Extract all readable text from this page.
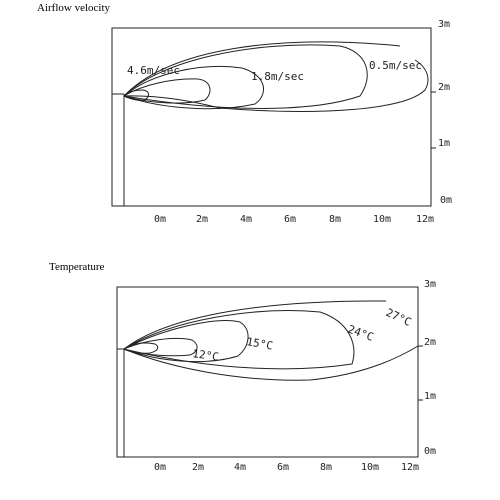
Airflow velocity
Temperature
4.6m/sec	1.8m/sec
0.5m/sec
3m
2m
1m
0m
0m	2m	4m	6m	8m	10m 12m
12°C
15°C	24°C
27°C
3m
2m
1m
0m
0m	2m	4m	6m	8m	10m 12m
